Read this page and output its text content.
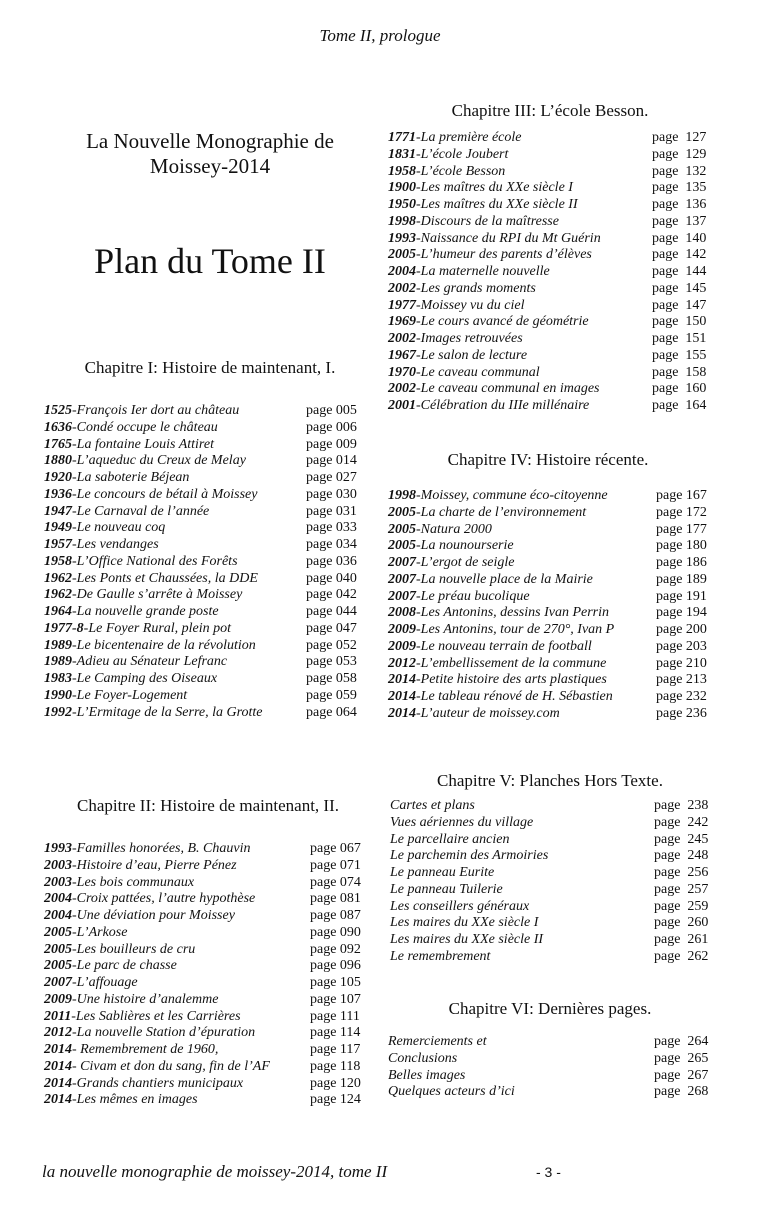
Tome II, prologue
La Nouvelle Monographie de
Moissey-2014
Plan du Tome II
Chapitre I: Histoire de maintenant, I.
1525-François Ier dort au château	page 005
1636-Condé occupe le château	page 006
1765-La fontaine Louis Attiret	page 009
1880-L’aqueduc du Creux de Melay	page 014
1920-La saboterie Béjean	page 027
1936-Le concours de bétail à Moissey	page 030
1947-Le Carnaval de l’année	page 031
1949-Le nouveau coq	page 033
1957-Les vendanges	page 034
1958-L’Office National des Forêts	page 036
1962-Les Ponts et Chaussées, la DDE	page 040
1962-De Gaulle s’arrête à Moissey	page 042
1964-La nouvelle grande poste	page 044
1977-8-Le Foyer Rural, plein pot	page 047
1989-Le bicentenaire de la révolution	page 052
1989-Adieu au Sénateur Lefranc	page 053
1983-Le Camping des Oiseaux	page 058
1990-Le Foyer-Logement	page 059
1992-L’Ermitage de la Serre, la Grotte	page 064
Chapitre II: Histoire de maintenant, II.
1993-Familles honorées, B. Chauvin	page 067
2003-Histoire d’eau, Pierre Pénez	page 071
2003-Les bois communaux	page 074
2004-Croix pattées, l’autre hypothèse	page 081
2004-Une déviation pour Moissey	page 087
2005-L’Arkose	page 090
2005-Les bouilleurs de cru	page 092
2005-Le parc de chasse	page 096
2007-L’affouage	page 105
2009-Une histoire d’analemme	page 107
2011-Les Sablières et les Carrières	page 111
2012-La nouvelle Station d’épuration	page 114
2014- Remembrement de 1960,	page 117
2014- Civam et don du sang, fin de l’AF	page 118
2014-Grands chantiers municipaux	page 120
2014-Les mêmes en images	page 124
Chapitre III: L’école Besson.
1771-La première école	page  127
1831-L’école Joubert	page  129
1958-L’école Besson	page  132
1900-Les maîtres du XXe siècle I	page  135
1950-Les maîtres du XXe siècle II	page  136
1998-Discours de la maîtresse	page  137
1993-Naissance du RPI du Mt Guérin	page  140
2005-L’humeur des parents d’élèves	page  142
2004-La maternelle nouvelle	page  144
2002-Les grands moments	page  145
1977-Moissey vu du ciel	page  147
1969-Le cours avancé de géométrie	page  150
2002-Images retrouvées	page  151
1967-Le salon de lecture	page  155
1970-Le caveau communal	page  158
2002-Le caveau communal en images	page  160
2001-Célébration du IIIe millénaire	page  164
Chapitre IV: Histoire récente.
1998-Moissey, commune éco-citoyenne	page 167
2005-La charte de l’environnement	page 172
2005-Natura 2000	page 177
2005-La nounourserie	page 180
2007-L’ergot de seigle	page 186
2007-La nouvelle place de la Mairie	page 189
2007-Le préau bucolique	page 191
2008-Les Antonins, dessins Ivan Perrin	page 194
2009-Les Antonins, tour de 270°, Ivan P	page 200
2009-Le nouveau terrain de football	page 203
2012-L’embellissement de la commune	page 210
2014-Petite histoire des arts plastiques	page 213
2014-Le tableau rénové de H. Sébastien	page 232
2014-L’auteur de moissey.com	page 236
Chapitre V: Planches Hors Texte.
Cartes et plans	page  238
Vues aériennes du village	page  242
Le parcellaire ancien	page  245
Le parchemin des Armoiries	page  248
Le panneau Eurite	page  256
Le panneau Tuilerie	page  257
Les conseillers généraux	page  259
Les maires du XXe siècle I	page  260
Les maires du XXe siècle II	page  261
Le remembrement	page  262
Chapitre VI: Dernières pages.
Remerciements et	page  264
Conclusions	page  265
Belles images	page  267
Quelques acteurs d’ici	page  268
la nouvelle monographie de moissey-2014, tome II	- 3 -
